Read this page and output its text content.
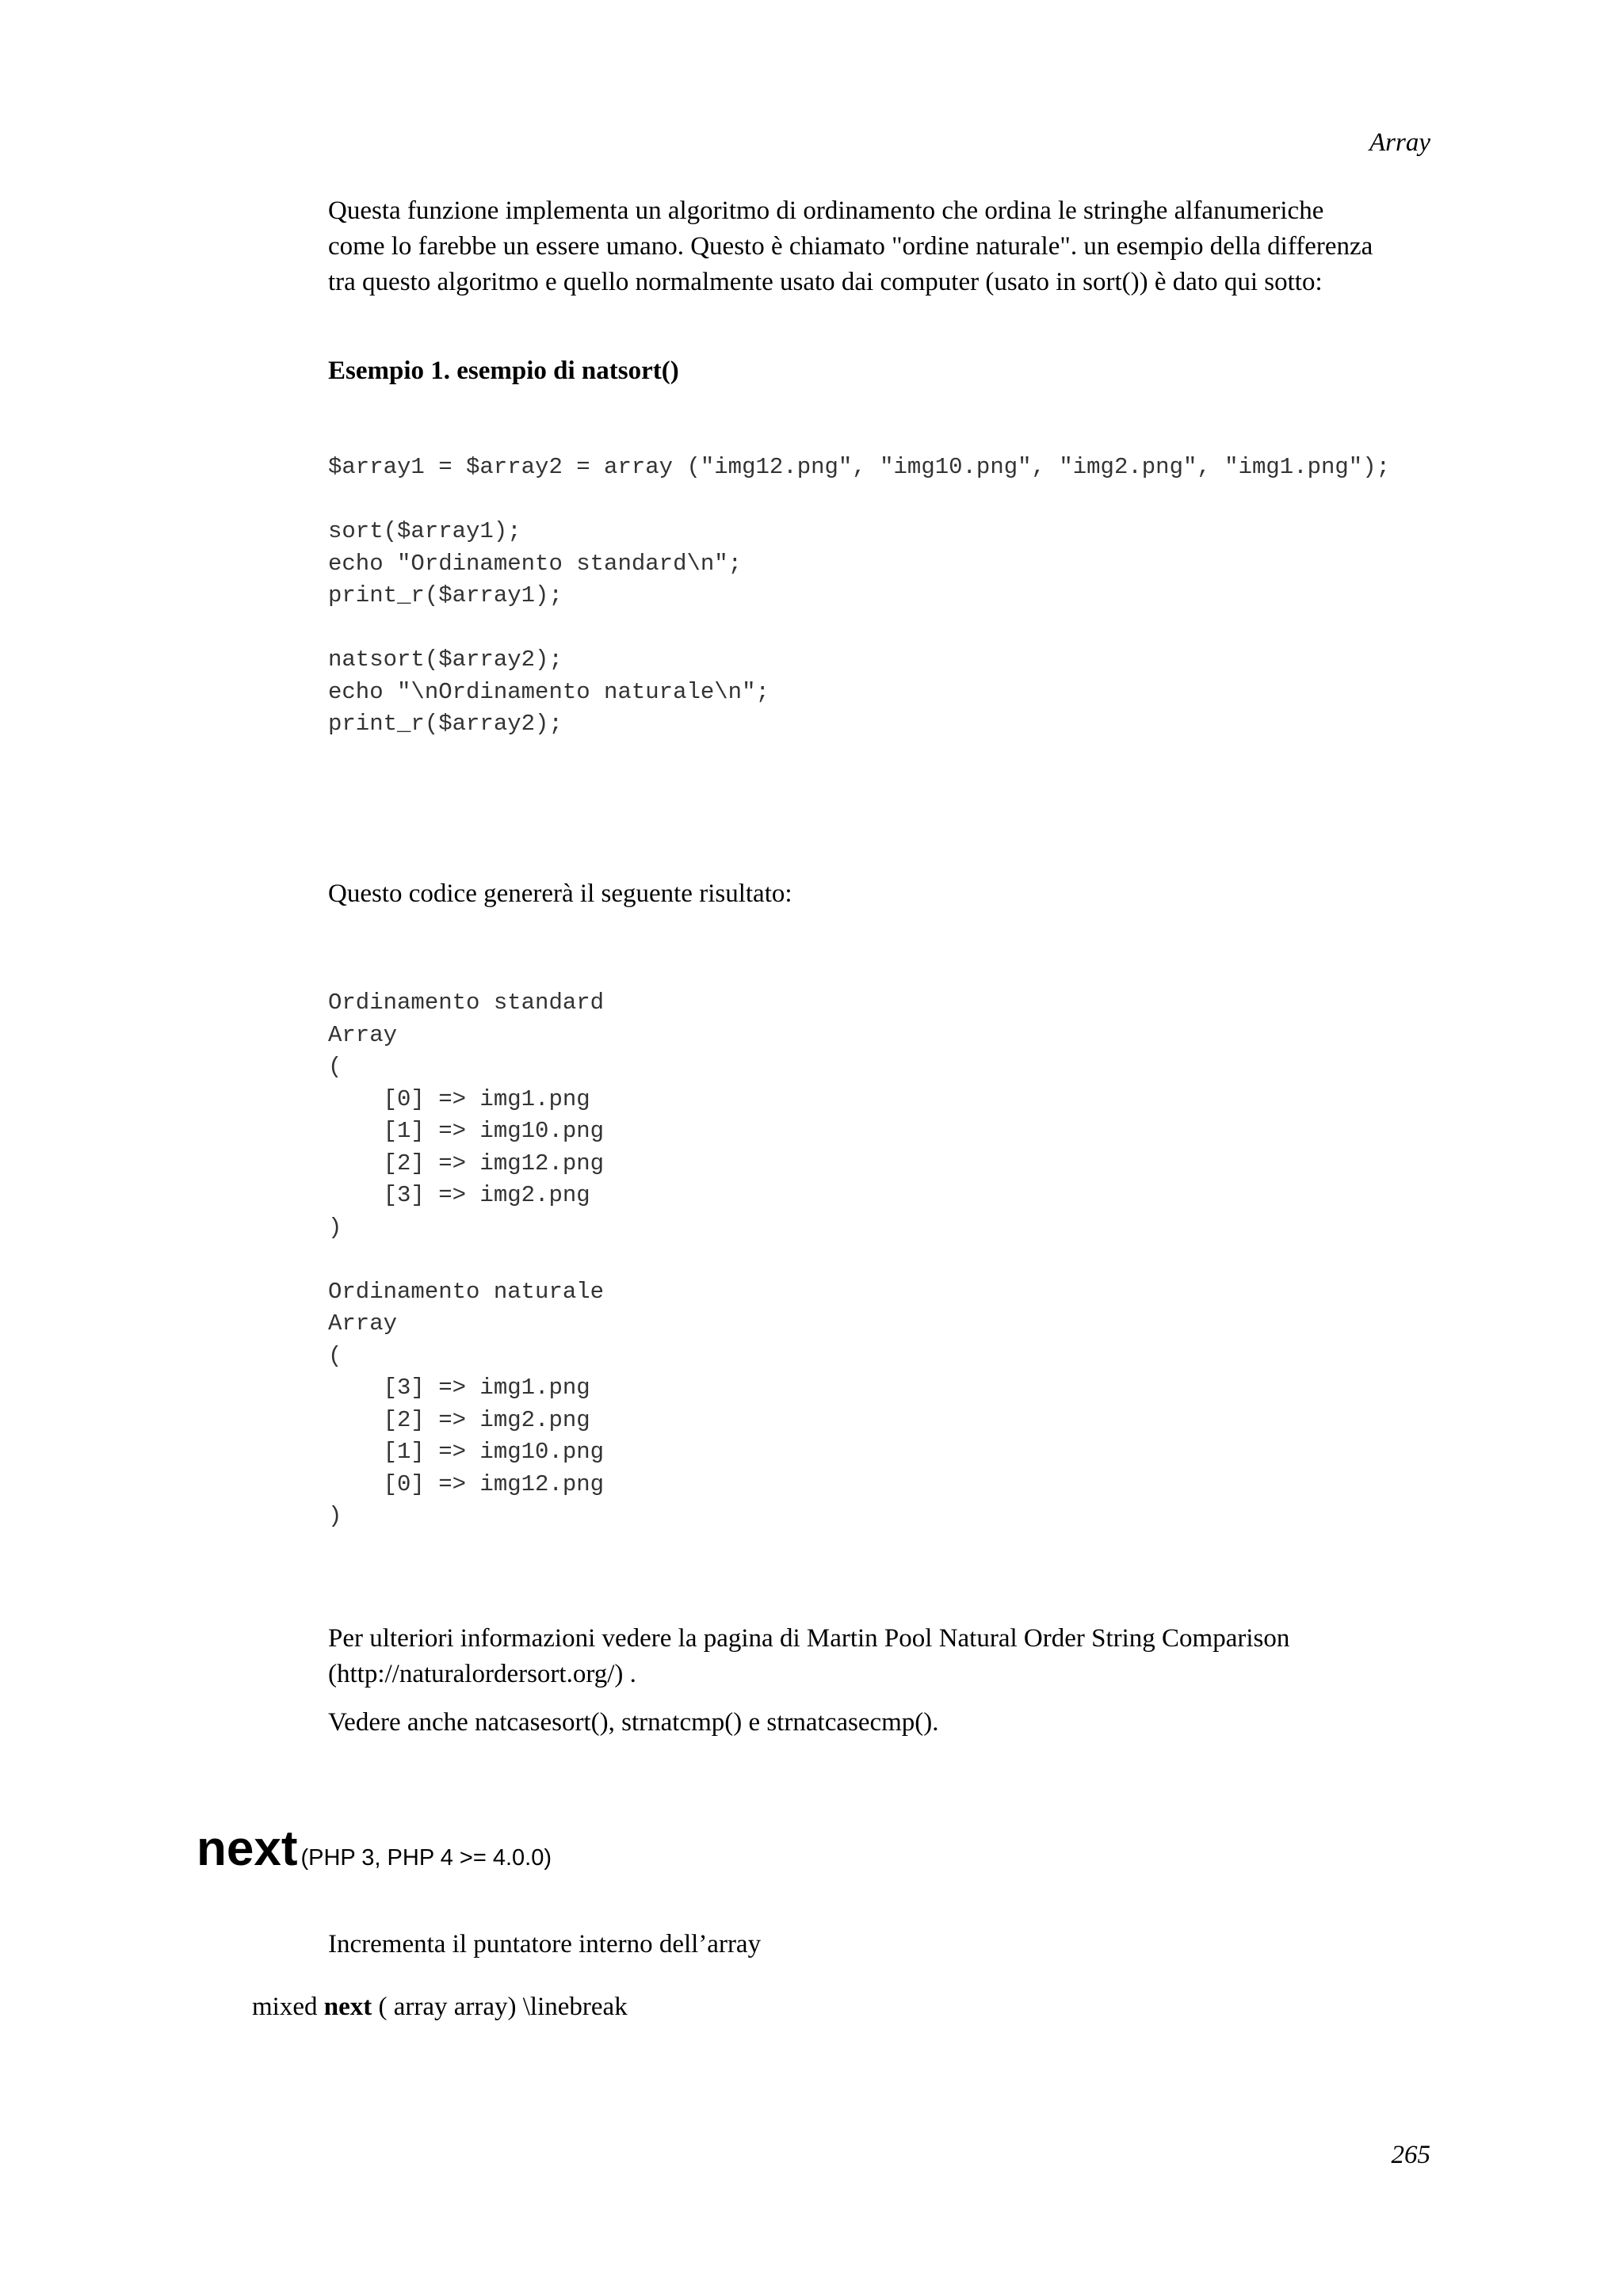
Array
Questa funzione implementa un algoritmo di ordinamento che ordina le stringhe alfanumeriche
come lo farebbe un essere umano. Questo è chiamato "ordine naturale". un esempio della differenza
tra questo algoritmo e quello normalmente usato dai computer (usato in sort()) è dato qui sotto:
Esempio 1. esempio di natsort()
$array1 = $array2 = array ("img12.png", "img10.png", "img2.png", "img1.png");

sort($array1);
echo "Ordinamento standard\n";
print_r($array1);

natsort($array2);
echo "\nOrdinamento naturale\n";
print_r($array2);
Questo codice genererà il seguente risultato:
Ordinamento standard
Array
(
[0] => img1.png
[1] => img10.png
[2] => img12.png
[3] => img2.png
)

Ordinamento naturale
Array
(
[3] => img1.png
[2] => img2.png
[1] => img10.png
[0] => img12.png
)
Per ulteriori informazioni vedere la pagina di Martin Pool Natural Order String Comparison
(http://naturalordersort.org/) .
Vedere anche natcasesort(), strnatcmp() e strnatcasecmp().
next (PHP 3, PHP 4 >= 4.0.0)
Incrementa il puntatore interno dell’array
mixed next ( array array) \linebreak
265
